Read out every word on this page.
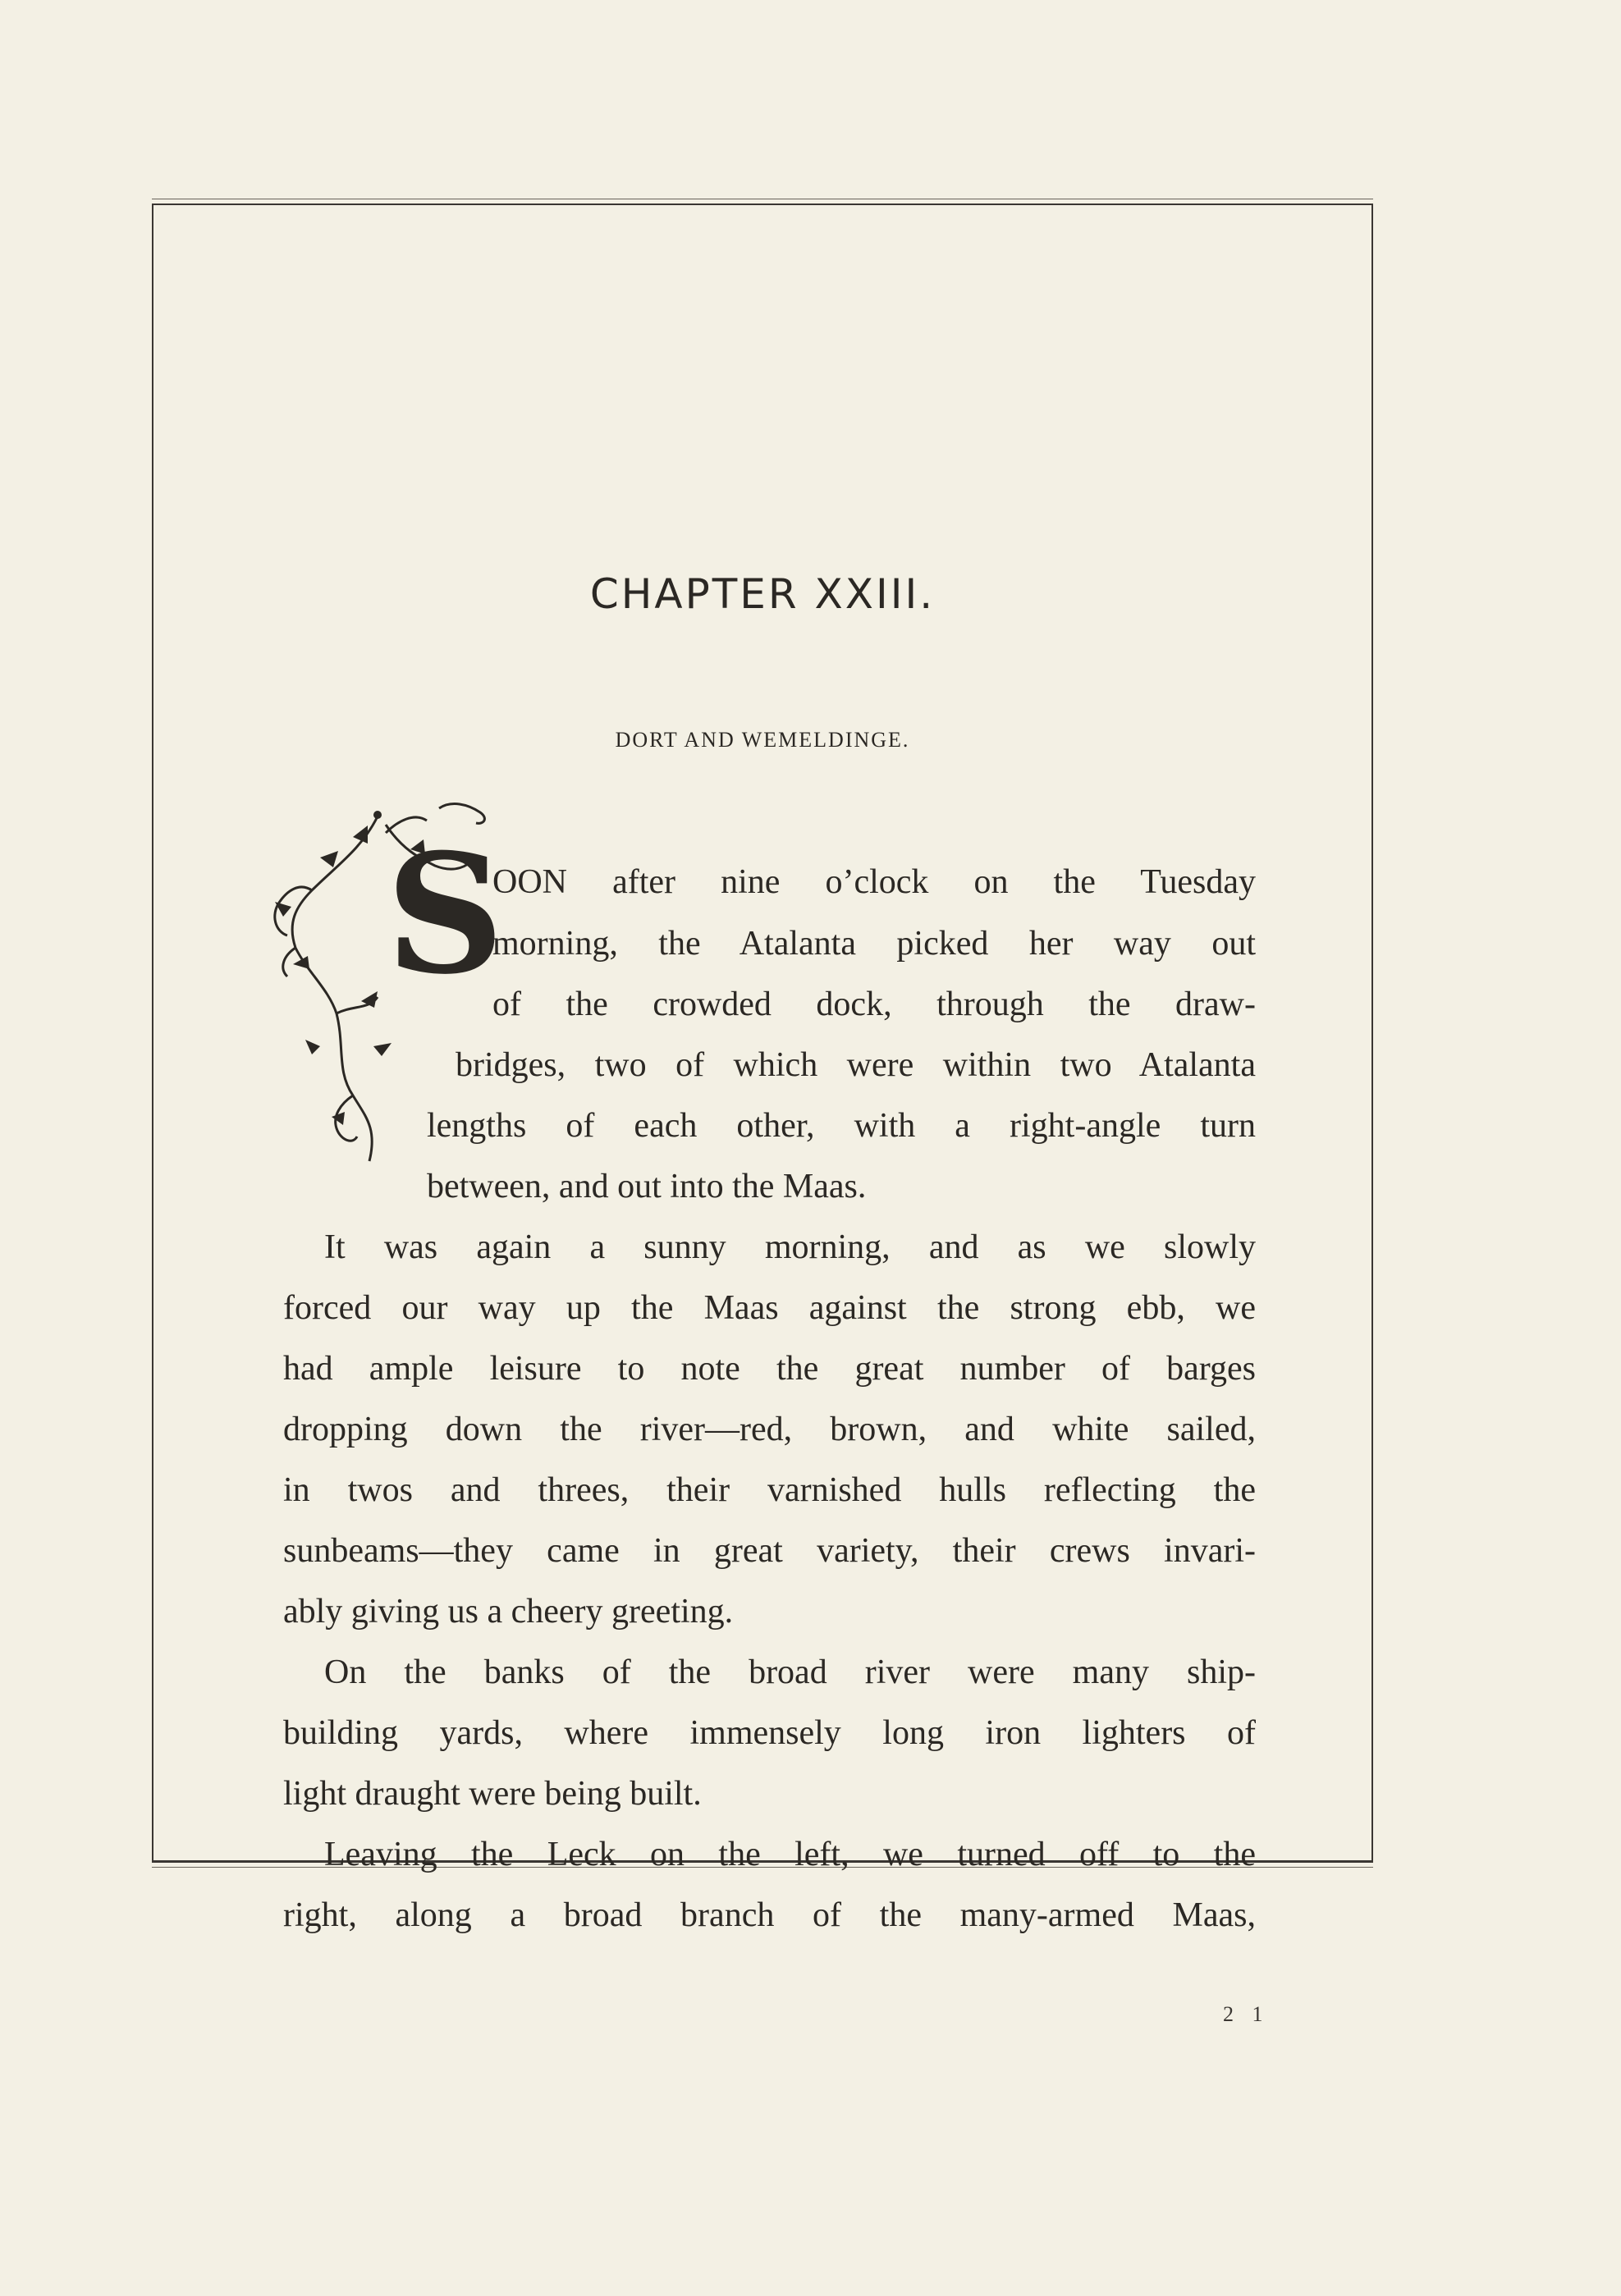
CHAPTER XXIII.
DORT AND WEMELDINGE.
S
OON after nine o’clock on the Tuesday
morning, the Atalanta picked her way out
of the crowded dock, through the draw-
bridges, two of which were within two Atalanta
lengths of each other, with a right-angle turn
between, and out into the Maas.
It was again a sunny morning, and as we slowly
forced our way up the Maas against the strong ebb, we
had ample leisure to note the great number of barges
dropping down the river—red, brown, and white sailed,
in twos and threes, their varnished hulls reflecting the
sunbeams—they came in great variety, their crews invari-
ably giving us a cheery greeting.
On the banks of the broad river were many ship-
building yards, where immensely long iron lighters of
light draught were being built.
Leaving the Leck on the left, we turned off to the
right, along a broad branch of the many-armed Maas,
2 1
